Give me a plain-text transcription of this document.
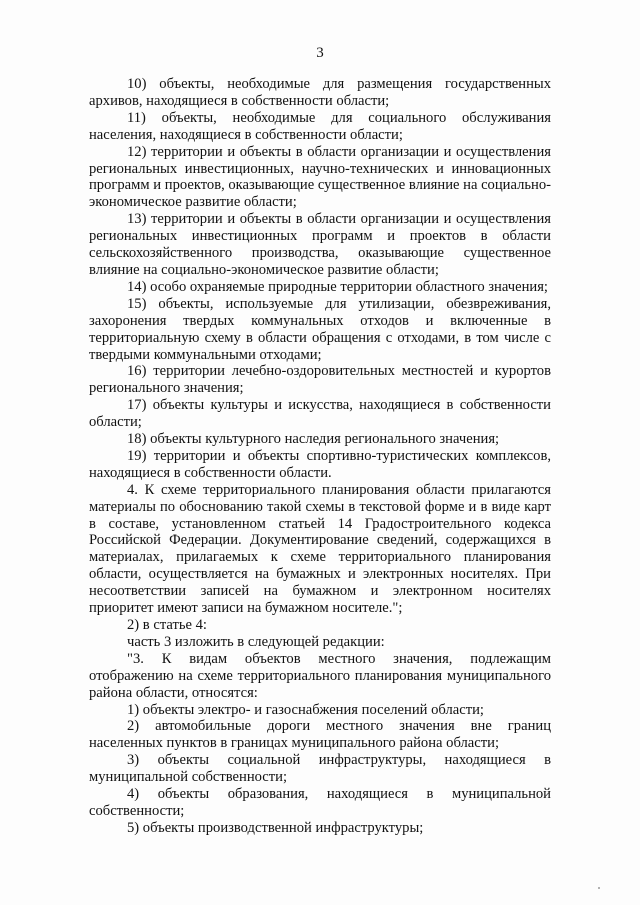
3

10) объекты, необходимые для размещения государственных архивов, находящиеся в собственности области;

11) объекты, необходимые для социального обслуживания населения, находящиеся в собственности области;

12) территории и объекты в области организации и осуществления региональных инвестиционных, научно-технических и инновационных программ и проектов, оказывающие существенное влияние на социально-экономическое развитие области;

13) территории и объекты в области организации и осуществления региональных инвестиционных программ и проектов в области сельскохозяйственного производства, оказывающие существенное влияние на социально-экономическое развитие области;

14) особо охраняемые природные территории областного значения;

15) объекты, используемые для утилизации, обезвреживания, захоронения твердых коммунальных отходов и включенные в территориальную схему в области обращения с отходами, в том числе с твердыми коммунальными отходами;

16) территории лечебно-оздоровительных местностей и курортов регионального значения;

17) объекты культуры и искусства, находящиеся в собственности области;

18) объекты культурного наследия регионального значения;

19) территории и объекты спортивно-туристических комплексов, находящиеся в собственности области.

4. К схеме территориального планирования области прилагаются материалы по обоснованию такой схемы в текстовой форме и в виде карт в составе, установленном статьей 14 Градостроительного кодекса Российской Федерации. Документирование сведений, содержащихся в материалах, прилагаемых к схеме территориального планирования области, осуществляется на бумажных и электронных носителях. При несоответствии записей на бумажном и электронном носителях приоритет имеют записи на бумажном носителе.";

2) в статье 4:

часть 3 изложить в следующей редакции:

"3. К видам объектов местного значения, подлежащим отображению на схеме территориального планирования муниципального района области, относятся:

1) объекты электро- и газоснабжения поселений области;

2) автомобильные дороги местного значения вне границ населенных пунктов в границах муниципального района области;

3) объекты социальной инфраструктуры, находящиеся в муниципальной собственности;

4) объекты образования, находящиеся в муниципальной собственности;

5) объекты производственной инфраструктуры;
